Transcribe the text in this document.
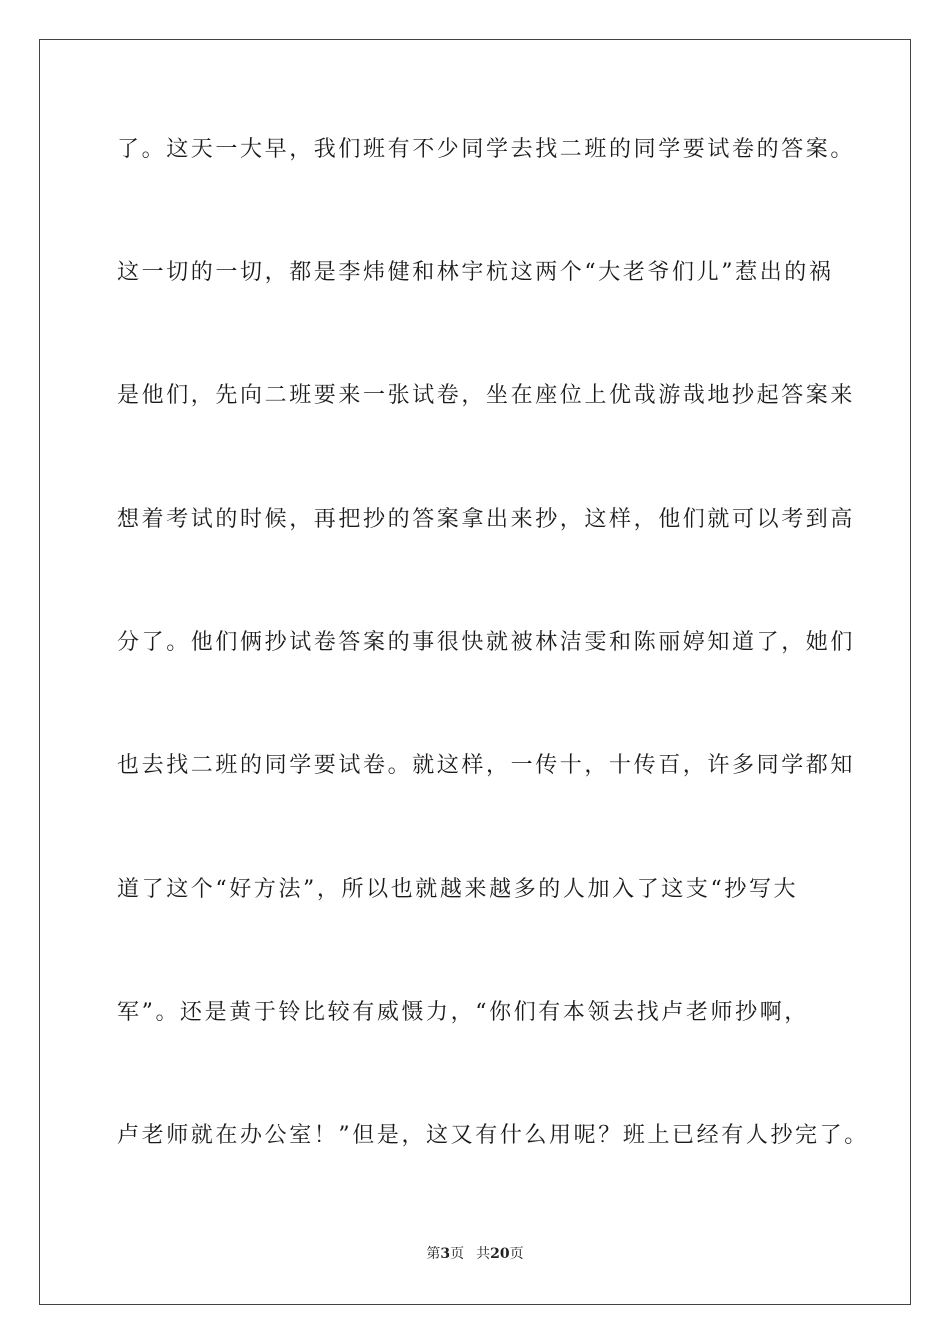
了。这天一大早，我们班有不少同学去找二班的同学要试卷的答案。
这一切的一切，都是李炜健和林宇杭这两个“大老爷们儿”惹出的祸
是他们，先向二班要来一张试卷，坐在座位上优哉游哉地抄起答案来
想着考试的时候，再把抄的答案拿出来抄，这样，他们就可以考到高
分了。他们俩抄试卷答案的事很快就被林洁雯和陈丽婷知道了，她们
也去找二班的同学要试卷。就这样，一传十，十传百，许多同学都知
道了这个“好方法”，所以也就越来越多的人加入了这支“抄写大
军”。还是黄于铃比较有威慑力，“你们有本领去找卢老师抄啊，
卢老师就在办公室！”但是，这又有什么用呢？班上已经有人抄完了。
第3页 共20页
